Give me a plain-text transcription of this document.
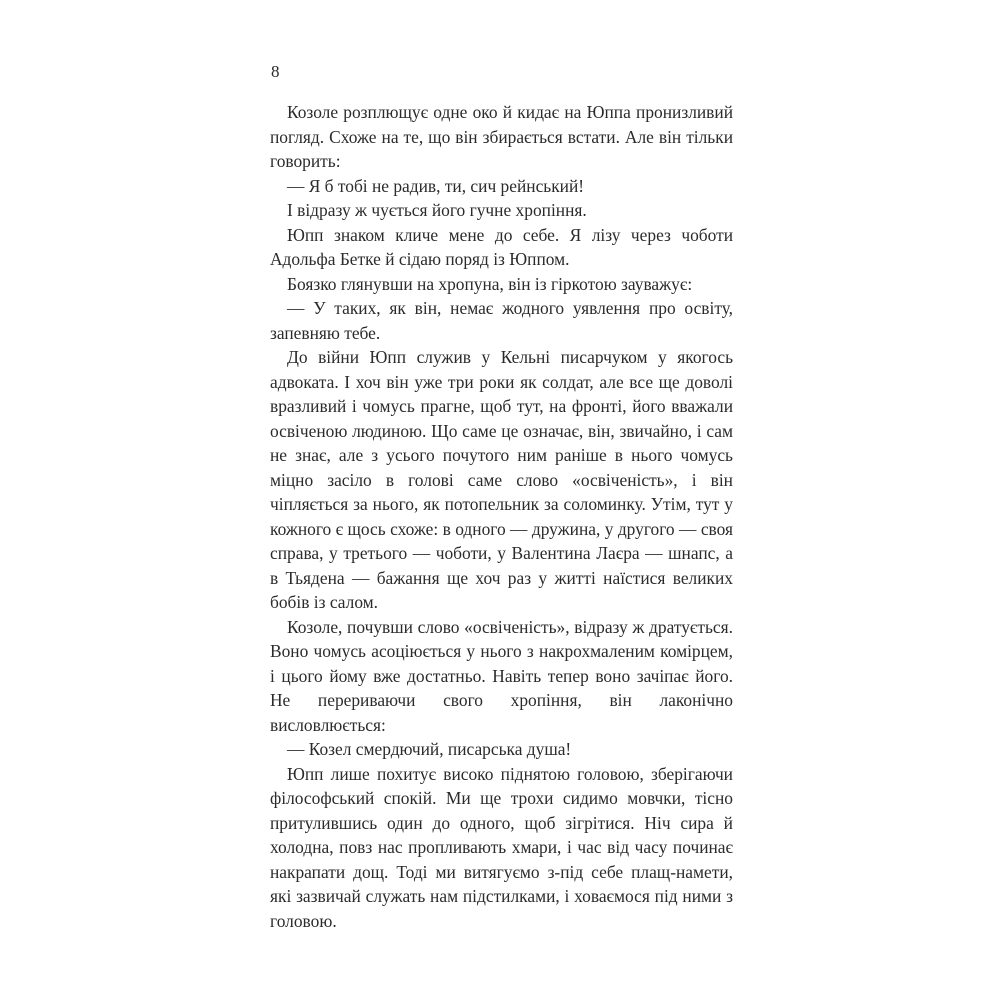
8

Козоле розплющує одне око й кидає на Юппа пронизливий погляд. Схоже на те, що він збирається встати. Але він тільки говорить:

— Я б тобі не радив, ти, сич рейнський!

І відразу ж чується його гучне хропіння.

Юпп знаком кличе мене до себе. Я лізу через чоботи Адольфа Бетке й сідаю поряд із Юппом.

Боязко глянувши на хропуна, він із гіркотою зауважує:

— У таких, як він, немає жодного уявлення про освіту, запевняю тебе.

До війни Юпп служив у Кельні писарчуком у якогось адвоката. І хоч він уже три роки як солдат, але все ще доволі вразливий і чомусь прагне, щоб тут, на фронті, його вважали освіченою людиною. Що саме це означає, він, звичайно, і сам не знає, але з усього почутого ним раніше в нього чомусь міцно засіло в голові саме слово «освіченість», і він чіпляється за нього, як потопельник за соломинку. Утім, тут у кожного є щось схоже: в одного — дружина, у другого — своя справа, у третього — чоботи, у Валентина Лаєра — шнапс, а в Тьядена — бажання ще хоч раз у житті наїстися великих бобів із салом.

Козоле, почувши слово «освіченість», відразу ж дратується. Воно чомусь асоціюється у нього з накрохмаленим комірцем, і цього йому вже достатньо. Навіть тепер воно зачіпає його. Не перериваючи свого хропіння, він лаконічно висловлюється:

— Козел смердючий, писарська душа!

Юпп лише похитує високо піднятою головою, зберігаючи філософський спокій. Ми ще трохи сидимо мовчки, тісно притулившись один до одного, щоб зігрітися. Ніч сира й холодна, повз нас пропливають хмари, і час від часу починає накрапати дощ. Тоді ми витягуємо з-під себе плащ-намети, які зазвичай служать нам підстилками, і ховаємося під ними з головою.
